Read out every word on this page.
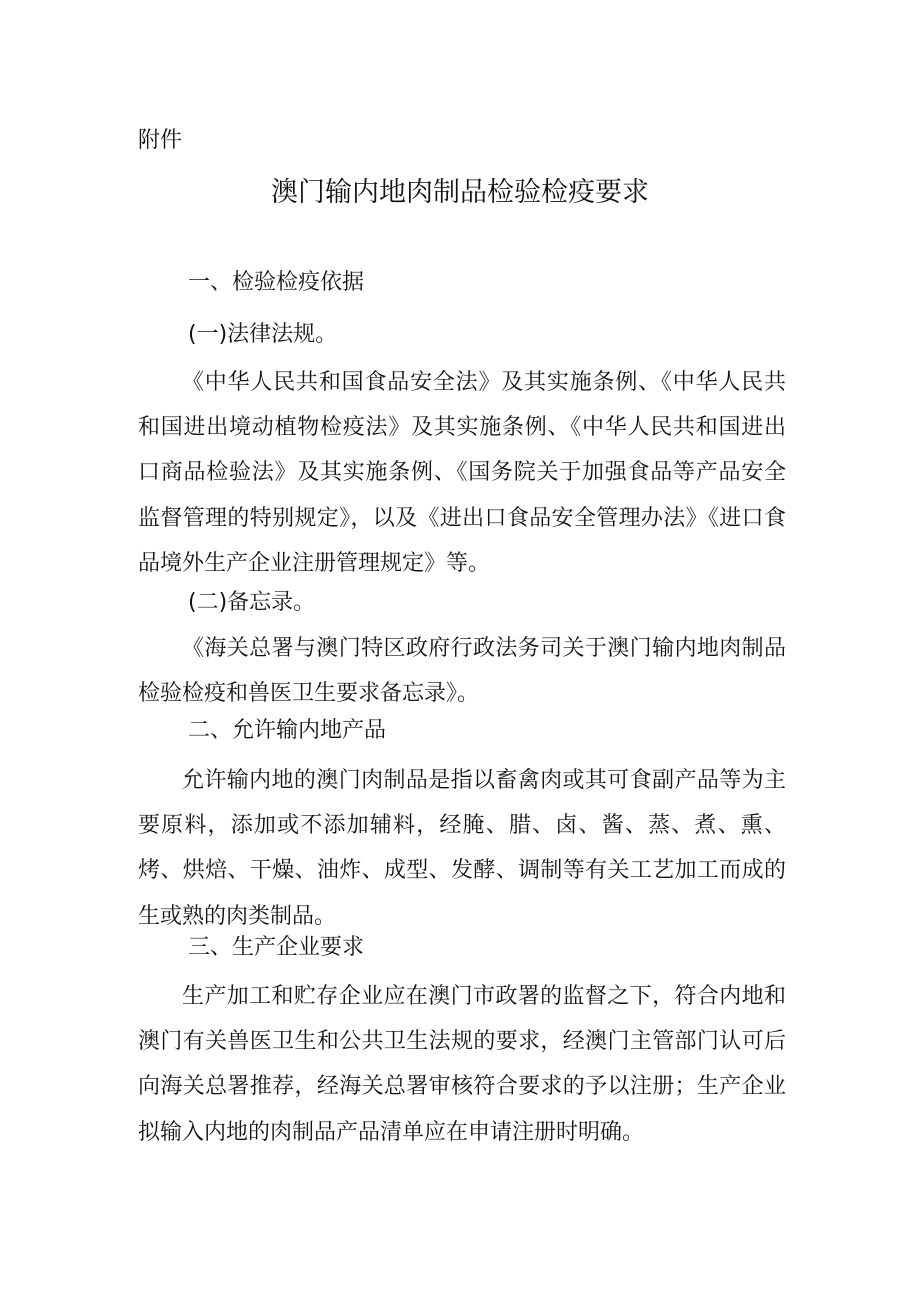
附件
澳门输内地肉制品检验检疫要求
一、检验检疫依据
(一)法律法规。
《中华人民共和国食品安全法》及其实施条例、《中华人民共和国进出境动植物检疫法》及其实施条例、《中华人民共和国进出口商品检验法》及其实施条例、《国务院关于加强食品等产品安全监督管理的特别规定》，以及《进出口食品安全管理办法》《进口食品境外生产企业注册管理规定》等。
(二)备忘录。
《海关总署与澳门特区政府行政法务司关于澳门输内地肉制品检验检疫和兽医卫生要求备忘录》。
二、允许输内地产品
允许输内地的澳门肉制品是指以畜禽肉或其可食副产品等为主要原料，添加或不添加辅料，经腌、腊、卤、酱、蒸、煮、熏、烤、烘焙、干燥、油炸、成型、发酵、调制等有关工艺加工而成的生或熟的肉类制品。
三、生产企业要求
生产加工和贮存企业应在澳门市政署的监督之下，符合内地和澳门有关兽医卫生和公共卫生法规的要求，经澳门主管部门认可后向海关总署推荐，经海关总署审核符合要求的予以注册；生产企业拟输入内地的肉制品产品清单应在申请注册时明确。
